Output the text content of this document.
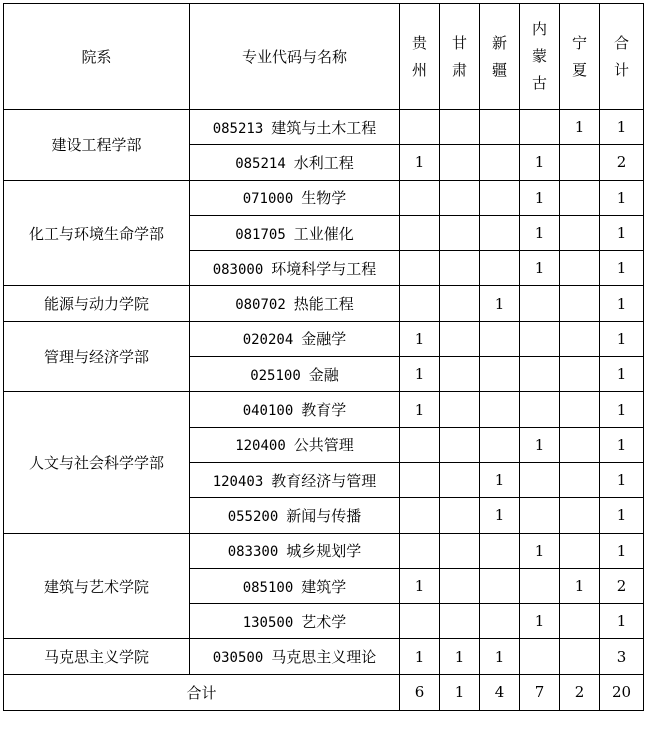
院系	专业代码与名称	贵州	甘肃	新疆	内蒙古	宁夏	合计
建设工程学部	085213 建筑与土木工程					1	1
	085214 水利工程	1			1		2
化工与环境生命学部	071000 生物学				1		1
	081705 工业催化				1		1
	083000 环境科学与工程				1		1
能源与动力学院	080702 热能工程			1			1
管理与经济学部	020204 金融学	1					1
	025100 金融	1					1
人文与社会科学学部	040100 教育学	1					1
	120400 公共管理				1		1
	120403 教育经济与管理			1			1
	055200 新闻与传播			1			1
建筑与艺术学院	083300 城乡规划学				1		1
	085100 建筑学	1				1	2
	130500 艺术学				1		1
马克思主义学院	030500 马克思主义理论	1	1	1			3
合计		6	1	4	7	2	20
